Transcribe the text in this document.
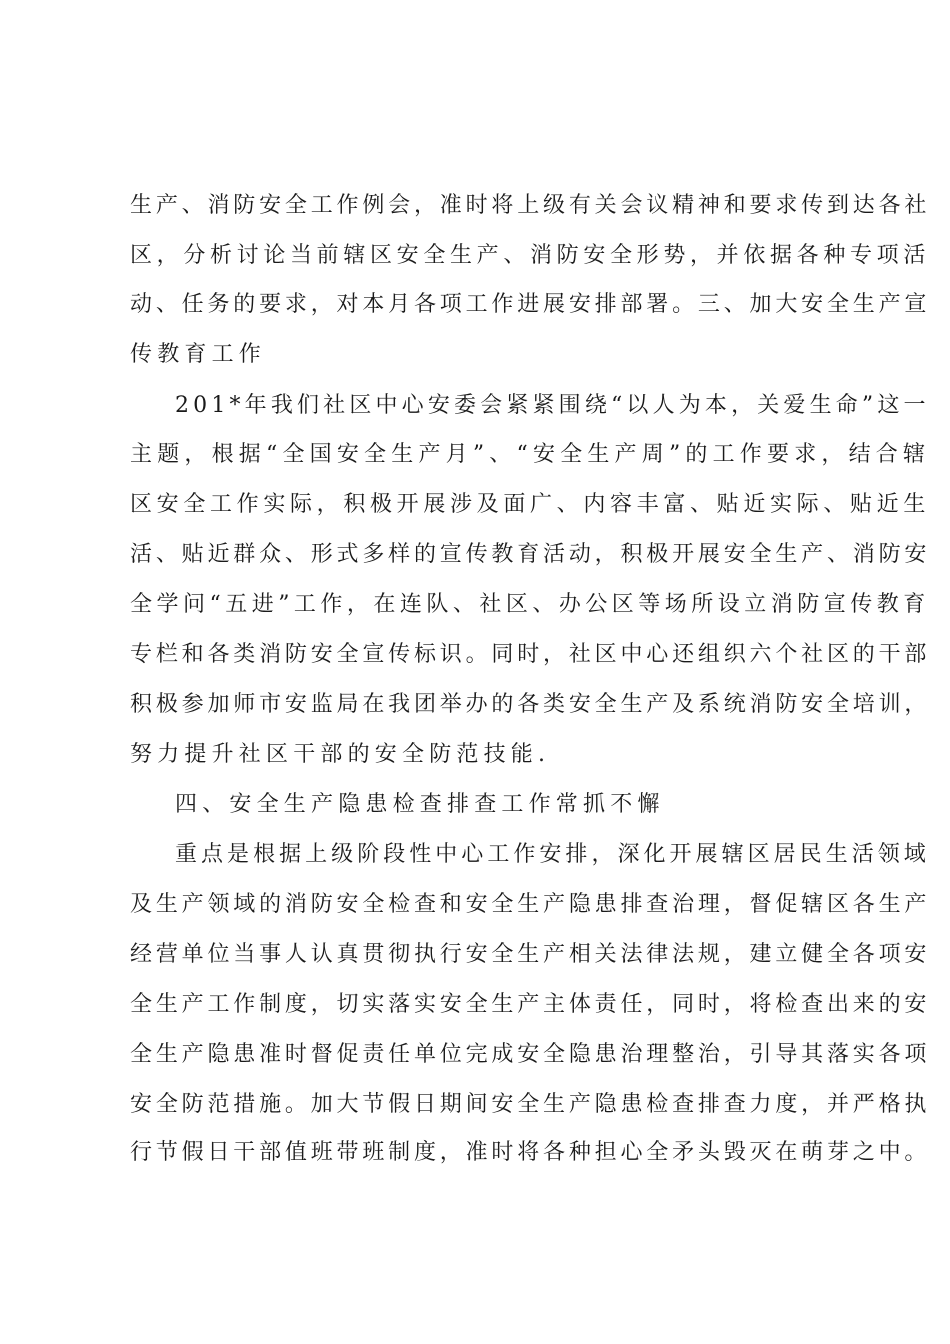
生产、消防安全工作例会，准时将上级有关会议精神和要求传到达各社
区，分析讨论当前辖区安全生产、消防安全形势，并依据各种专项活
动、任务的要求，对本月各项工作进展安排部署。三、加大安全生产宣
传教育工作
201*年我们社区中心安委会紧紧围绕“以人为本，关爱生命”这一
主题，根据“全国安全生产月”、“安全生产周”的工作要求，结合辖
区安全工作实际，积极开展涉及面广、内容丰富、贴近实际、贴近生
活、贴近群众、形式多样的宣传教育活动，积极开展安全生产、消防安
全学问“五进”工作，在连队、社区、办公区等场所设立消防宣传教育
专栏和各类消防安全宣传标识。同时，社区中心还组织六个社区的干部
积极参加师市安监局在我团举办的各类安全生产及系统消防安全培训，
努力提升社区干部的安全防范技能.
四、安全生产隐患检查排查工作常抓不懈
重点是根据上级阶段性中心工作安排，深化开展辖区居民生活领域
及生产领域的消防安全检查和安全生产隐患排查治理，督促辖区各生产
经营单位当事人认真贯彻执行安全生产相关法律法规，建立健全各项安
全生产工作制度，切实落实安全生产主体责任，同时，将检查出来的安
全生产隐患准时督促责任单位完成安全隐患治理整治，引导其落实各项
安全防范措施。加大节假日期间安全生产隐患检查排查力度，并严格执
行节假日干部值班带班制度，准时将各种担心全矛头毁灭在萌芽之中。
